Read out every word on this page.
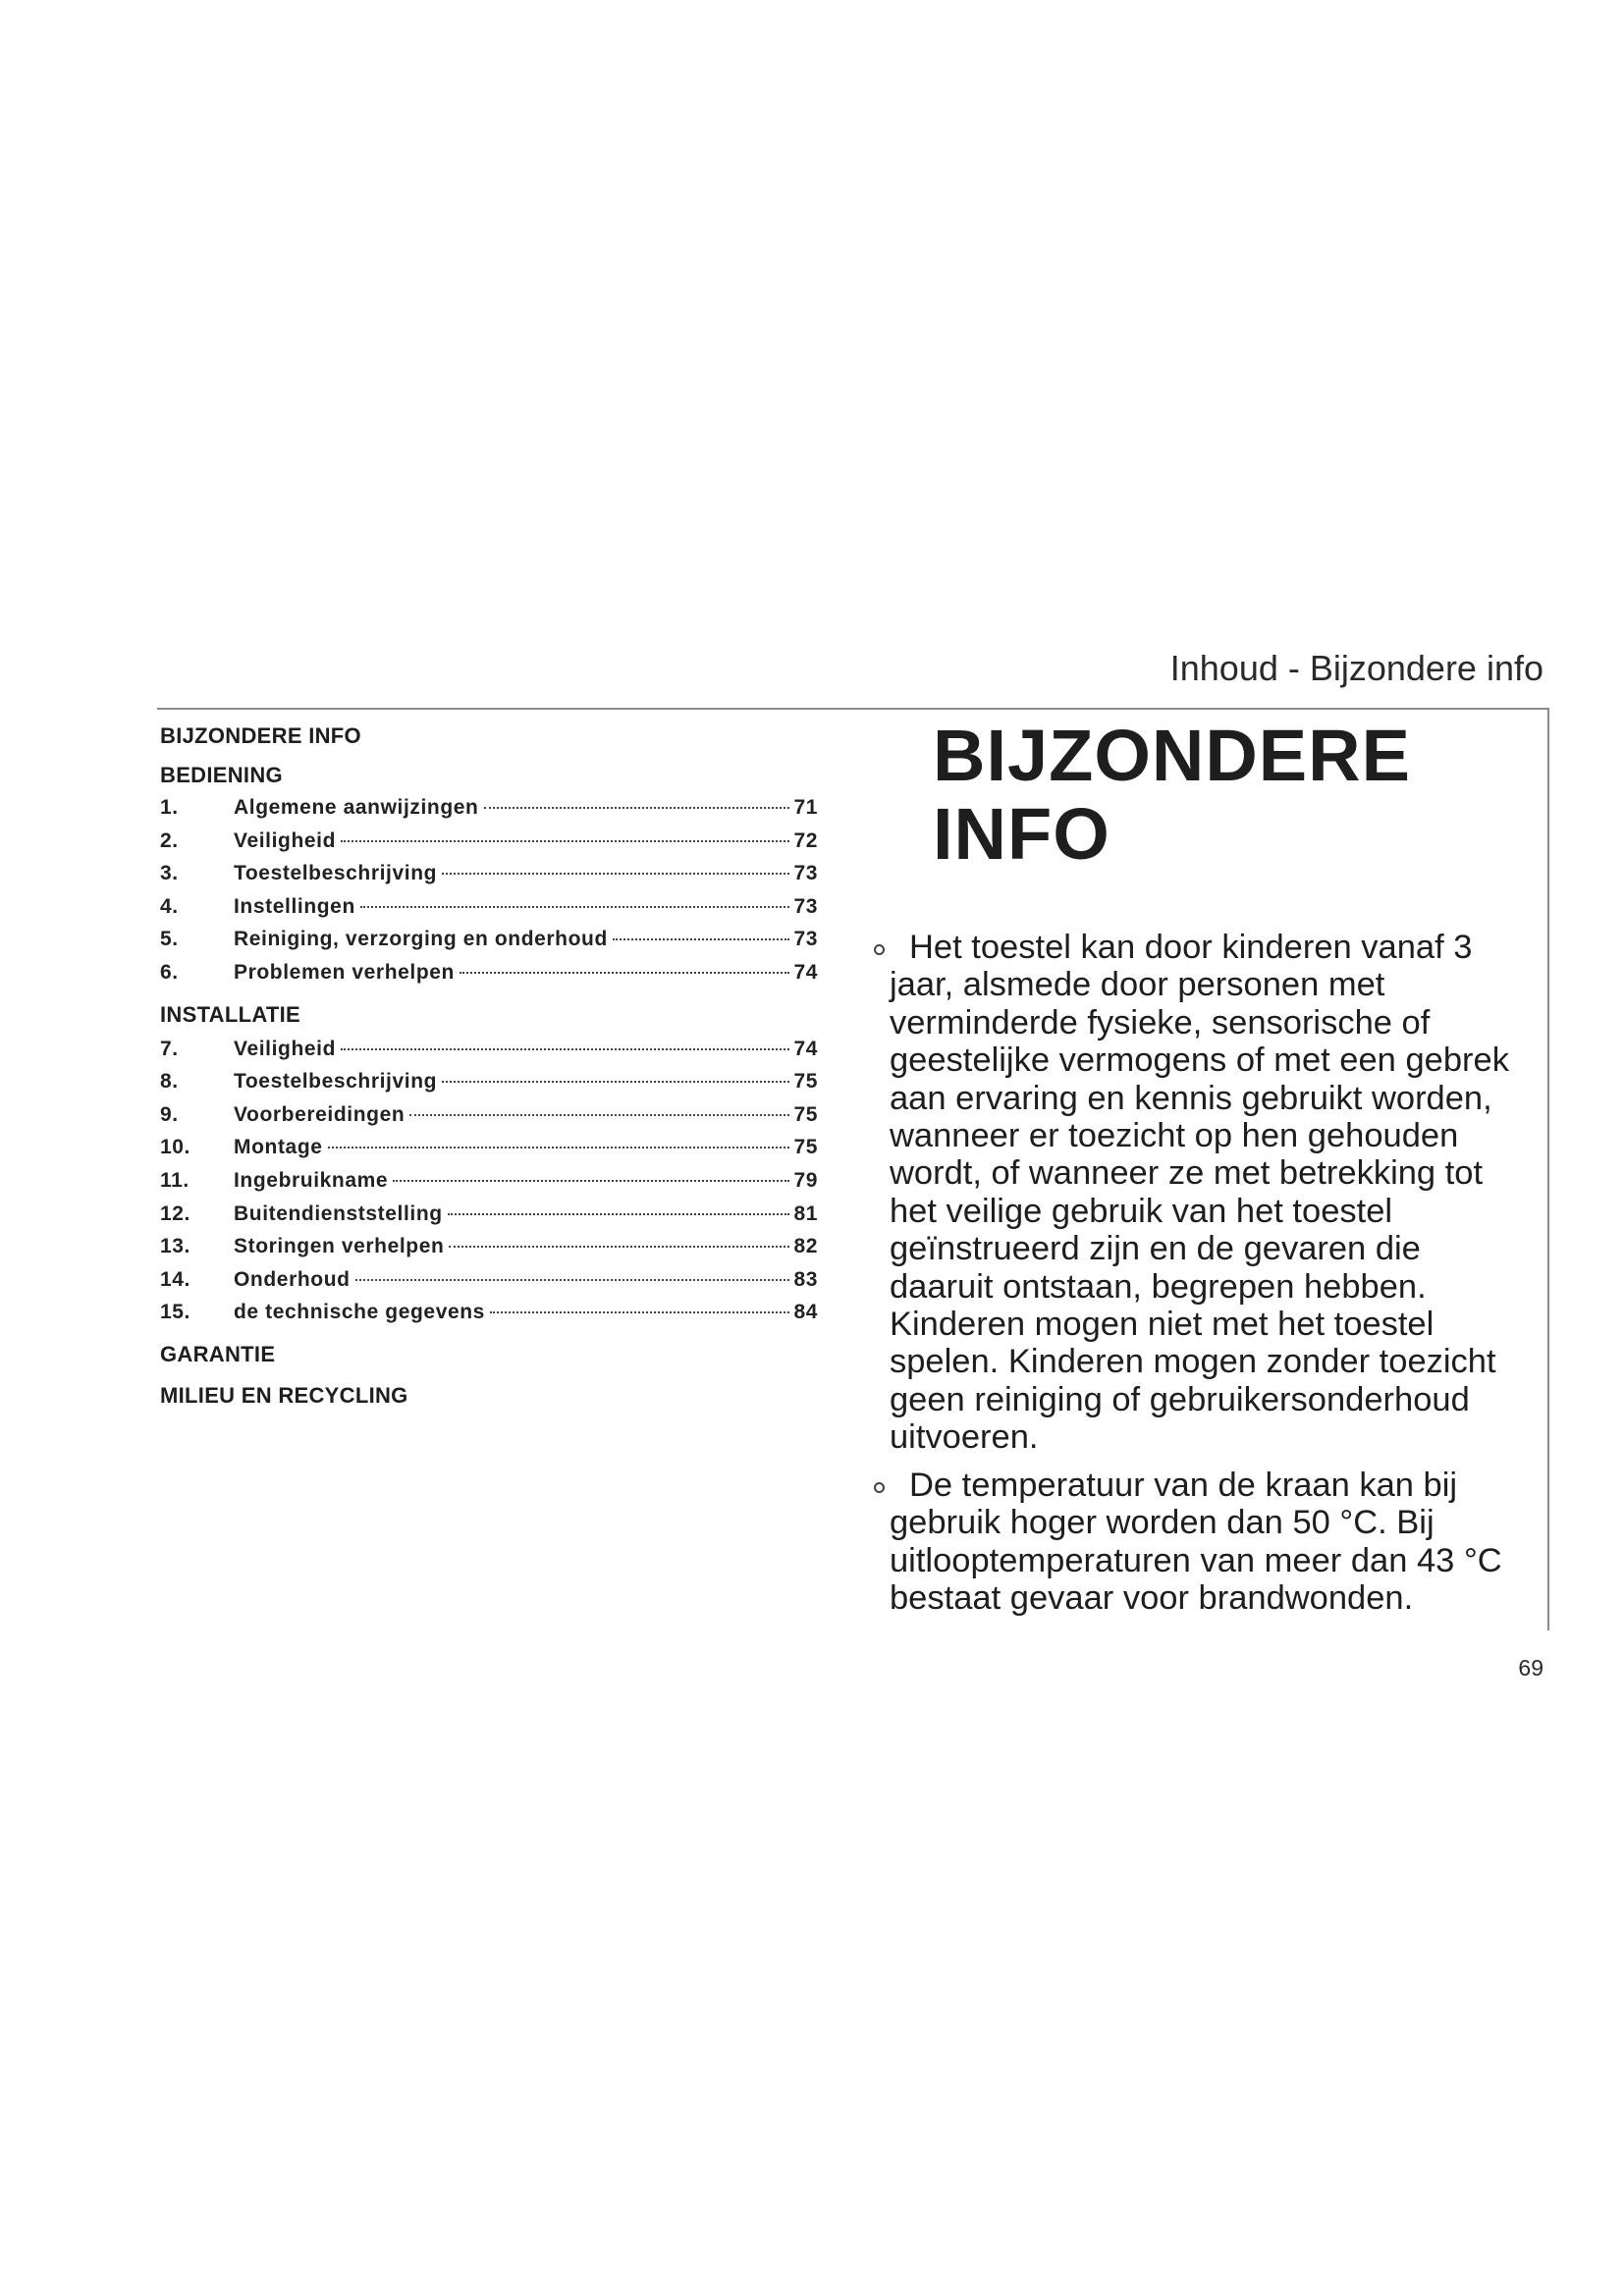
Inhoud - Bijzondere info
BIJZONDERE INFO
BEDIENING
1.	Algemene aanwijzingen	71
2.	Veiligheid	72
3.	Toestelbeschrijving	73
4.	Instellingen	73
5.	Reiniging, verzorging en onderhoud	73
6.	Problemen verhelpen	74
INSTALLATIE
7.	Veiligheid	74
8.	Toestelbeschrijving	75
9.	Voorbereidingen	75
10.	Montage	75
11.	Ingebruikname	79
12.	Buitendienststelling	81
13.	Storingen verhelpen	82
14.	Onderhoud	83
15.	de technische gegevens	84
GARANTIE
MILIEU EN RECYCLING
BIJZONDERE
INFO

Het toestel kan door kinderen vanaf 3 jaar, alsmede door personen met verminderde fysieke, sensorische of geestelijke vermogens of met een gebrek aan ervaring en kennis gebruikt worden, wanneer er toezicht op hen gehouden wordt, of wanneer ze met betrekking tot het veilige gebruik van het toestel geïnstrueerd zijn en de gevaren die daaruit ontstaan, begrepen hebben. Kinderen mogen niet met het toestel spelen. Kinderen mogen zonder toezicht geen reiniging of gebruikersonderhoud uitvoeren.

De temperatuur van de kraan kan bij gebruik hoger worden dan 50 °C. Bij uitlooptemperaturen van meer dan 43 °C bestaat gevaar voor brandwonden.

69
